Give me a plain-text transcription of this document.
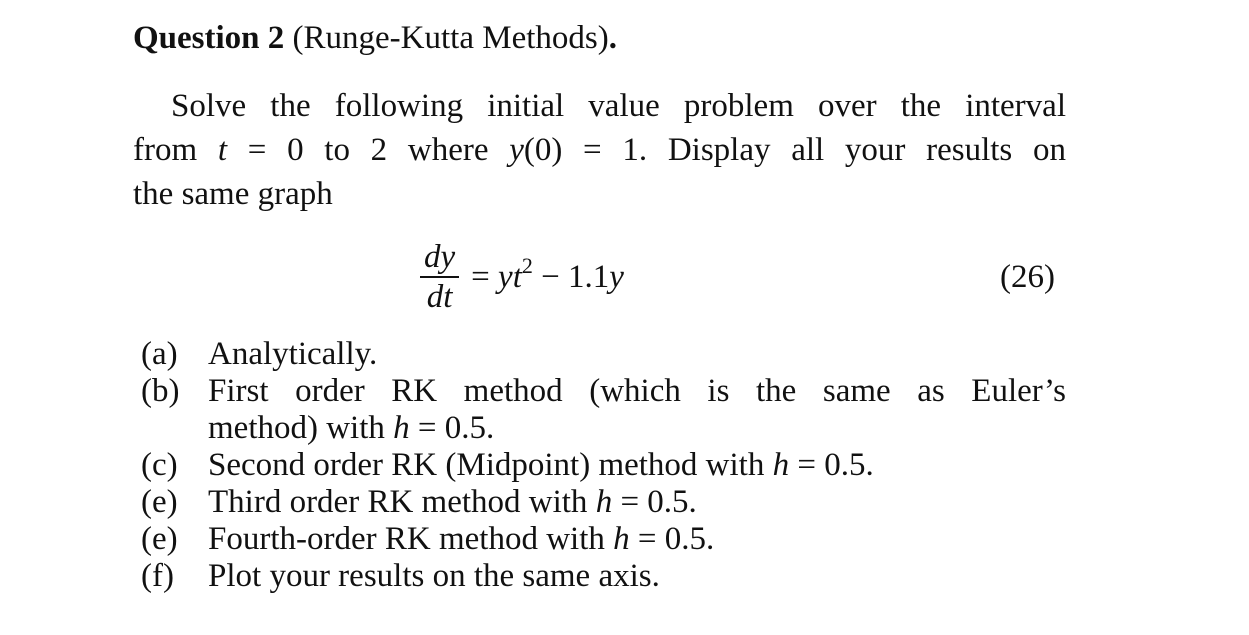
Question 2 (Runge-Kutta Methods).
Solve the following initial value problem over the interval
from t = 0 to 2 where y(0) = 1. Display all your results on
the same graph
$\frac{dy}{dt} = yt^2 - 1.1y$	(26)
(a) Analytically.
(b) First order RK method (which is the same as Euler’s
method) with h = 0.5.
(c) Second order RK (Midpoint) method with h = 0.5.
(e) Third order RK method with h = 0.5.
(e) Fourth-order RK method with h = 0.5.
(f) Plot your results on the same axis.
